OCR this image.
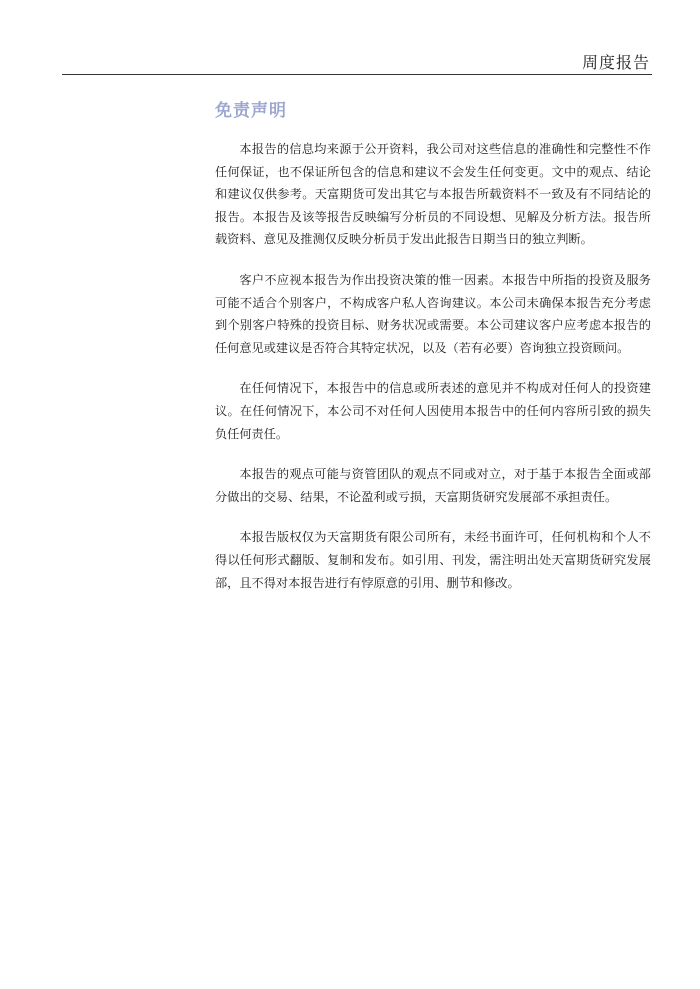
周度报告
免责声明

本报告的信息均来源于公开资料，我公司对这些信息的准确性和完整性不作任何保证，也不保证所包含的信息和建议不会发生任何变更。文中的观点、结论和建议仅供参考。天富期货可发出其它与本报告所载资料不一致及有不同结论的报告。本报告及该等报告反映编写分析员的不同设想、见解及分析方法。报告所载资料、意见及推测仅反映分析员于发出此报告日期当日的独立判断。

客户不应视本报告为作出投资决策的惟一因素。本报告中所指的投资及服务可能不适合个别客户，不构成客户私人咨询建议。本公司未确保本报告充分考虑到个别客户特殊的投资目标、财务状况或需要。本公司建议客户应考虑本报告的任何意见或建议是否符合其特定状况，以及（若有必要）咨询独立投资顾问。

在任何情况下，本报告中的信息或所表述的意见并不构成对任何人的投资建议。在任何情况下，本公司不对任何人因使用本报告中的任何内容所引致的损失负任何责任。

本报告的观点可能与资管团队的观点不同或对立，对于基于本报告全面或部分做出的交易、结果，不论盈利或亏损，天富期货研究发展部不承担责任。

本报告版权仅为天富期货有限公司所有，未经书面许可，任何机构和个人不得以任何形式翻版、复制和发布。如引用、刊发，需注明出处天富期货研究发展部，且不得对本报告进行有悖原意的引用、删节和修改。
